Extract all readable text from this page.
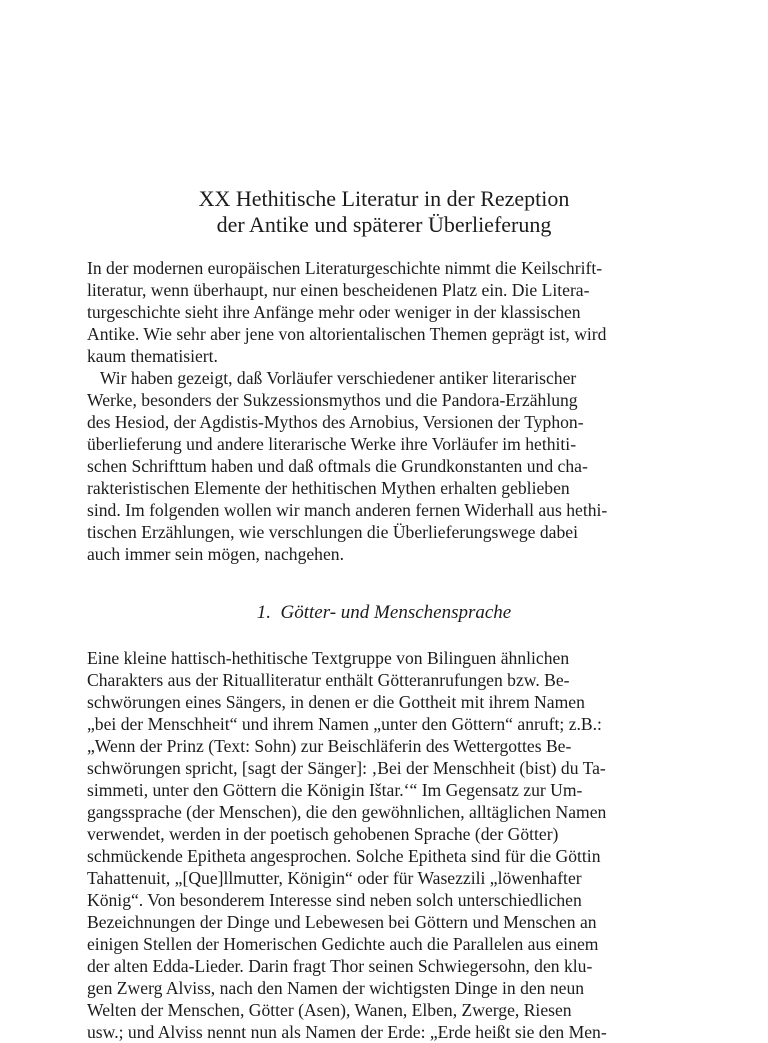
XX Hethitische Literatur in der Rezeption
der Antike und späterer Überlieferung
In der modernen europäischen Literaturgeschichte nimmt die Keilschrift-
literatur, wenn überhaupt, nur einen bescheidenen Platz ein. Die Litera-
turgeschichte sieht ihre Anfänge mehr oder weniger in der klassischen
Antike. Wie sehr aber jene von altorientalischen Themen geprägt ist, wird
kaum thematisiert.
Wir haben gezeigt, daß Vorläufer verschiedener antiker literarischer
Werke, besonders der Sukzessionsmythos und die Pandora-Erzählung
des Hesiod, der Agdistis-Mythos des Arnobius, Versionen der Typhon-
überlieferung und andere literarische Werke ihre Vorläufer im hethiti-
schen Schrifttum haben und daß oftmals die Grundkonstanten und cha-
rakteristischen Elemente der hethitischen Mythen erhalten geblieben
sind. Im folgenden wollen wir manch anderen fernen Widerhall aus hethi-
tischen Erzählungen, wie verschlungen die Überlieferungswege dabei
auch immer sein mögen, nachgehen.
1.  Götter- und Menschensprache
Eine kleine hattisch-hethitische Textgruppe von Bilinguen ähnlichen
Charakters aus der Ritualliteratur enthält Götteranrufungen bzw. Be-
schwörungen eines Sängers, in denen er die Gottheit mit ihrem Namen
„bei der Menschheit“ und ihrem Namen „unter den Göttern“ anruft; z.B.:
„Wenn der Prinz (Text: Sohn) zur Beischläferin des Wettergottes Be-
schwörungen spricht, [sagt der Sänger]: ‚Bei der Menschheit (bist) du Ta-
simmeti, unter den Göttern die Königin Ištar.‘“ Im Gegensatz zur Um-
gangssprache (der Menschen), die den gewöhnlichen, alltäglichen Namen
verwendet, werden in der poetisch gehobenen Sprache (der Götter)
schmückende Epitheta angesprochen. Solche Epitheta sind für die Göttin
Tahattenuit, „[Que]llmutter, Königin“ oder für Wasezzili „löwenhafter
König“. Von besonderem Interesse sind neben solch unterschiedlichen
Bezeichnungen der Dinge und Lebewesen bei Göttern und Menschen an
einigen Stellen der Homerischen Gedichte auch die Parallelen aus einem
der alten Edda-Lieder. Darin fragt Thor seinen Schwiegersohn, den klu-
gen Zwerg Alviss, nach den Namen der wichtigsten Dinge in den neun
Welten der Menschen, Götter (Asen), Wanen, Elben, Zwerge, Riesen
usw.; und Alviss nennt nun als Namen der Erde: „Erde heißt sie den Men-
